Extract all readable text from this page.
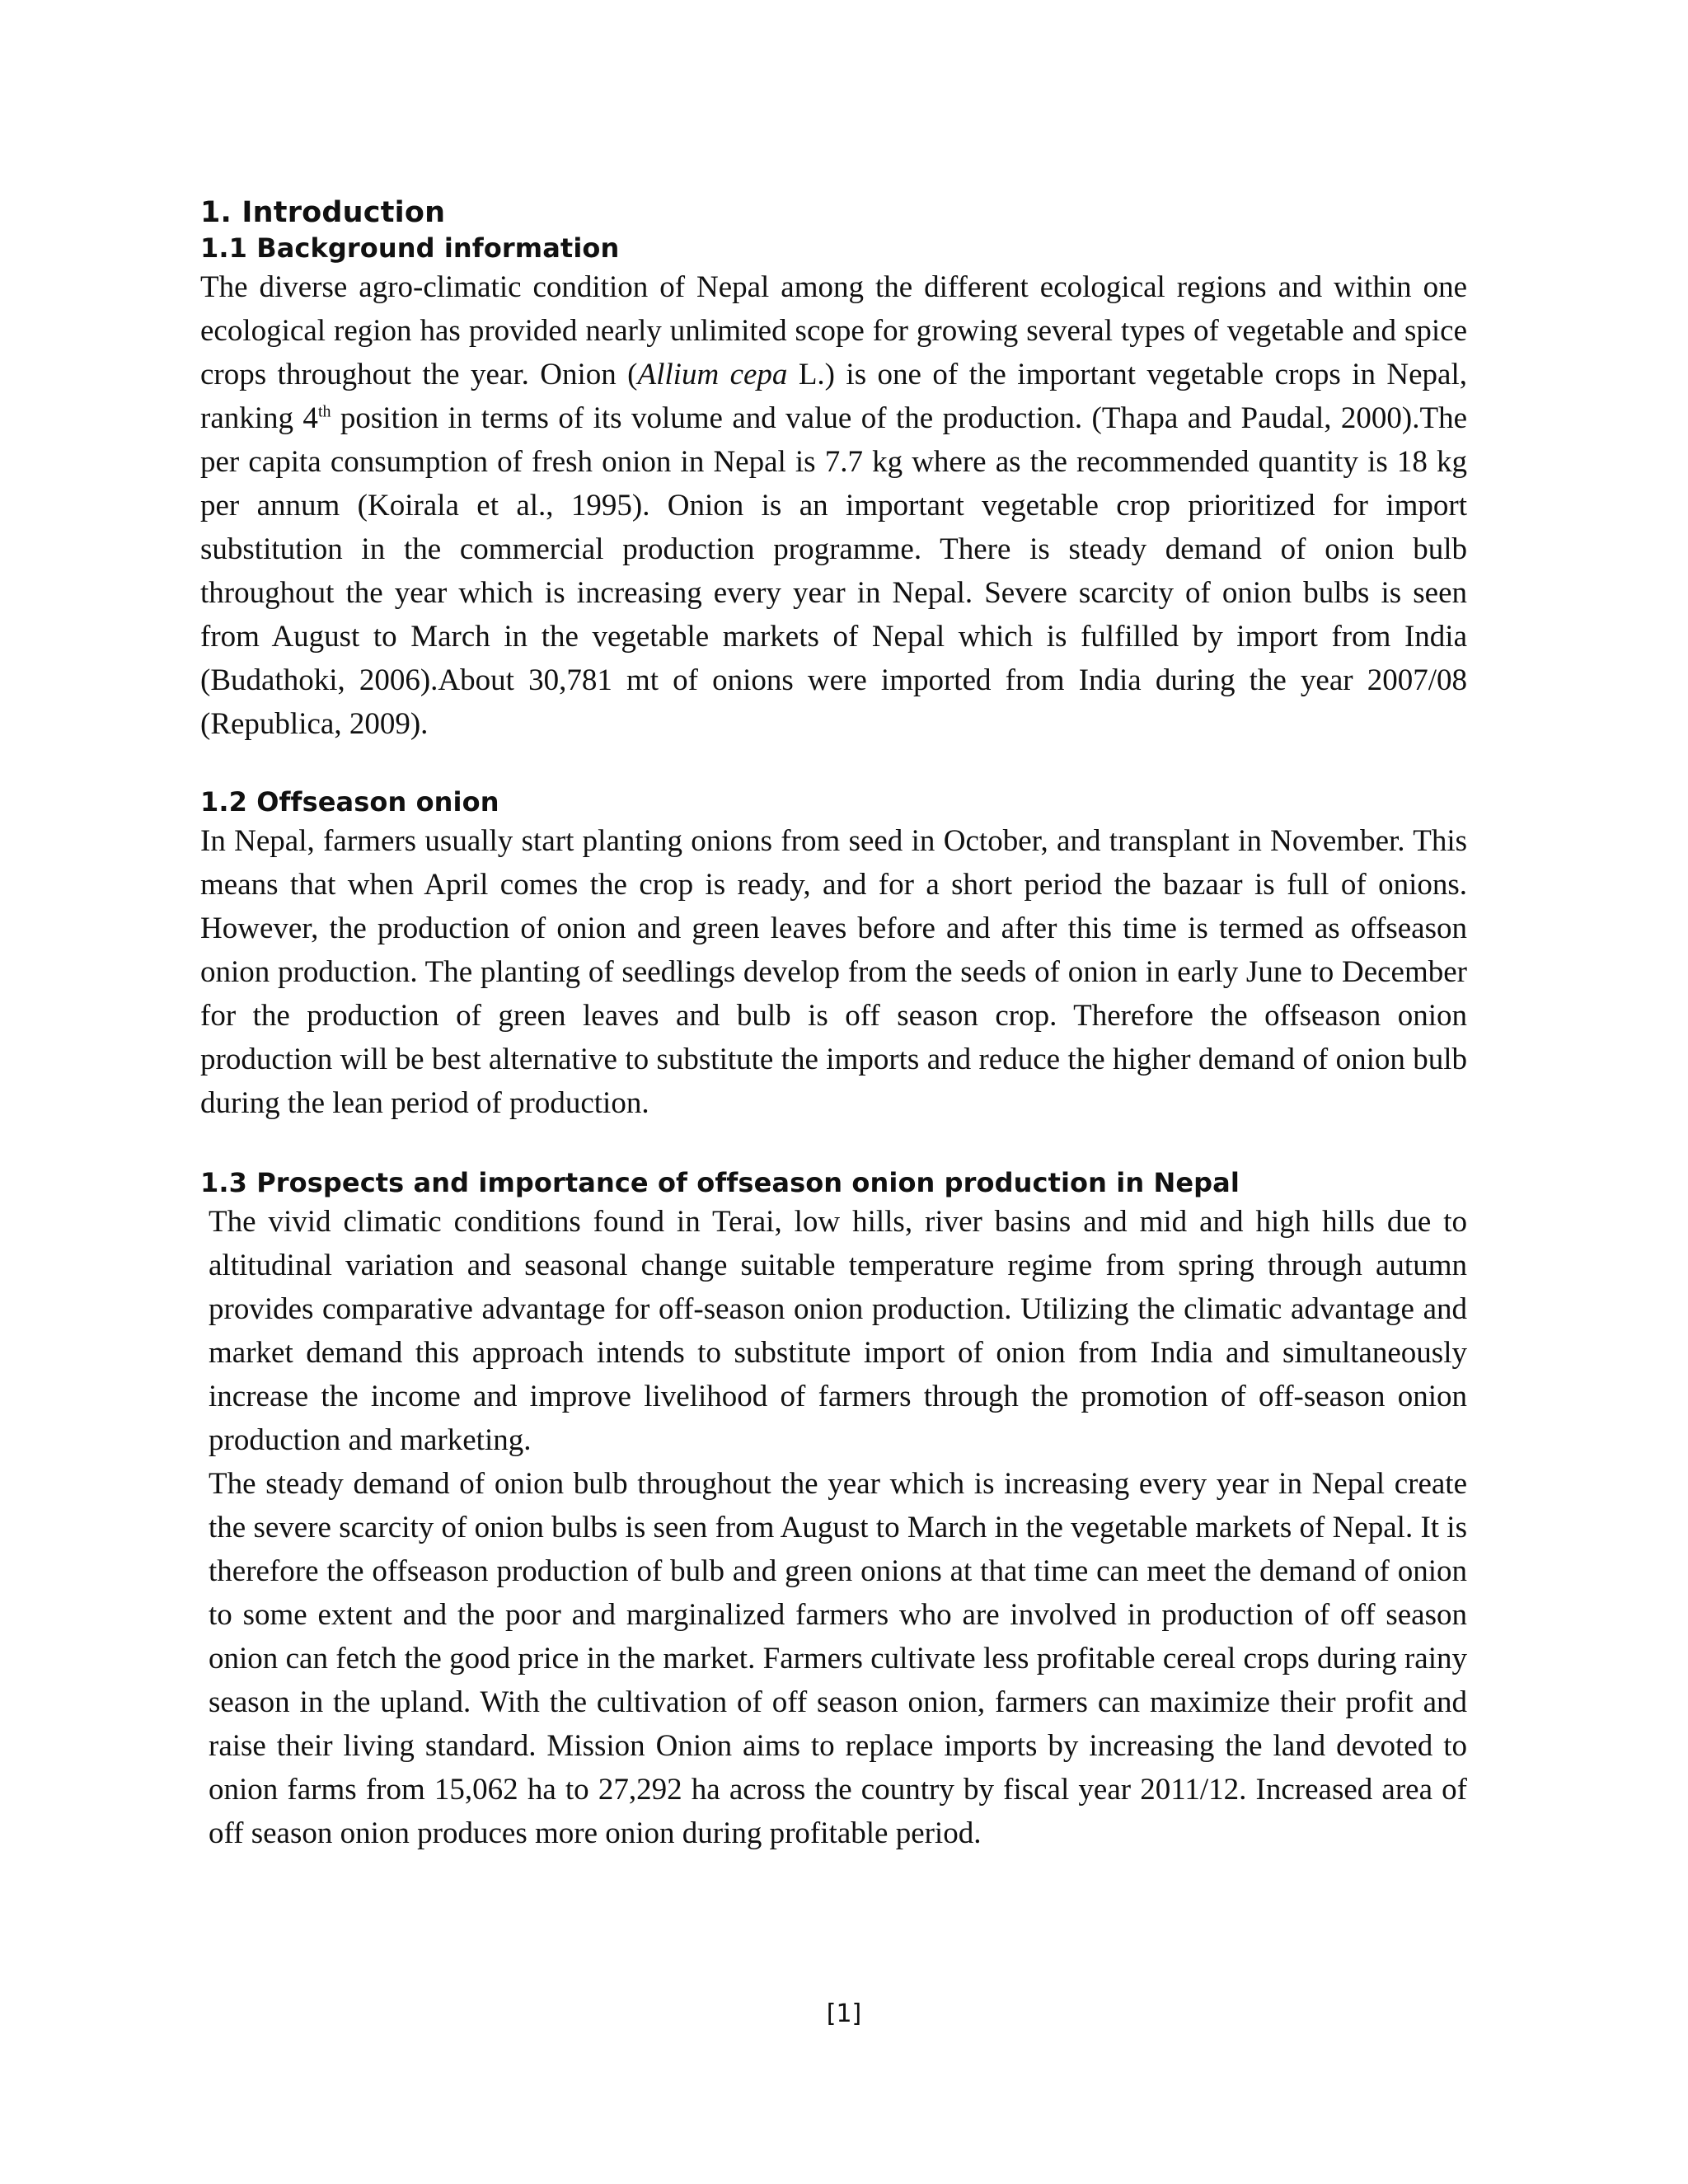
1. Introduction
1.1 Background information

The diverse agro-climatic condition of Nepal among the different ecological regions and within one ecological region has provided nearly unlimited scope for growing several types of vegetable and spice crops throughout the year. Onion (Allium cepa L.) is one of the important vegetable crops in Nepal, ranking 4th position in terms of its volume and value of the production. (Thapa and Paudal, 2000).The per capita consumption of fresh onion in Nepal is 7.7 kg where as the recommended quantity is 18 kg per annum (Koirala et al., 1995). Onion is an important vegetable crop prioritized for import substitution in the commercial production programme. There is steady demand of onion bulb throughout the year which is increasing every year in Nepal. Severe scarcity of onion bulbs is seen from August to March in the vegetable markets of Nepal which is fulfilled by import from India (Budathoki, 2006).About 30,781 mt of onions were imported from India during the year 2007/08 (Republica, 2009).

1.2 Offseason onion

In Nepal, farmers usually start planting onions from seed in October, and transplant in November. This means that when April comes the crop is ready, and for a short period the bazaar is full of onions. However, the production of onion and green leaves before and after this time is termed as offseason onion production. The planting of seedlings develop from the seeds of onion in early June to December for the production of green leaves and bulb is off season crop. Therefore the offseason onion production will be best alternative to substitute the imports and reduce the higher demand of onion bulb during the lean period of production.

1.3 Prospects and importance of offseason onion production in Nepal

The vivid climatic conditions found in Terai, low hills, river basins and mid and high hills due to altitudinal variation and seasonal change suitable temperature regime from spring through autumn provides comparative advantage for off-season onion production. Utilizing the climatic advantage and market demand this approach intends to substitute import of onion from India and simultaneously increase the income and improve livelihood of farmers through the promotion of off-season onion production and marketing.

The steady demand of onion bulb throughout the year which is increasing every year in Nepal create the severe scarcity of onion bulbs is seen from August to March in the vegetable markets of Nepal. It is therefore the offseason production of bulb and green onions at that time can meet the demand of onion to some extent and the poor and marginalized farmers who are involved in production of off season onion can fetch the good price in the market. Farmers cultivate less profitable cereal crops during rainy season in the upland. With the cultivation of off season onion, farmers can maximize their profit and raise their living standard. Mission Onion aims to replace imports by increasing the land devoted to onion farms from 15,062 ha to 27,292 ha across the country by fiscal year 2011/12. Increased area of off season onion produces more onion during profitable period.

[1]
